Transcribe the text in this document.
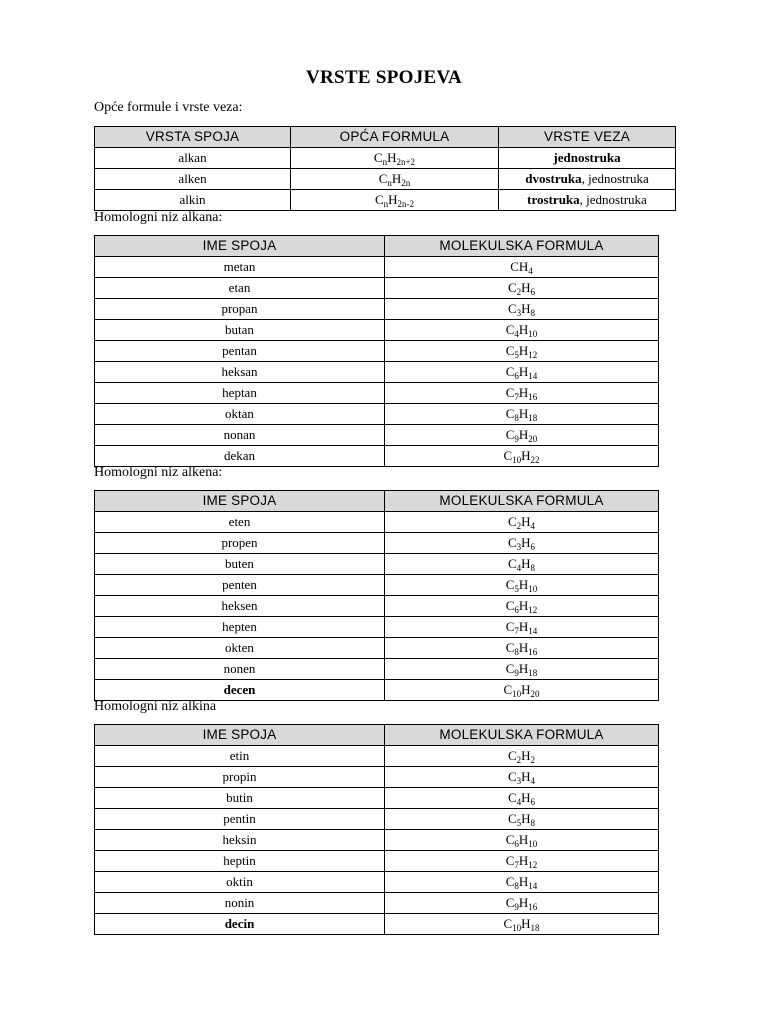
VRSTE SPOJEVA

Opće formule i vrste veza:

VRSTA SPOJA	OPĆA FORMULA	VRSTE VEZA
alkan	$C_nH_{2n+2}$	jednostruka
alken	$C_nH_{2n}$	dvostruka, jednostruka
alkin	$C_nH_{2n-2}$	trostruka, jednostruka

Homologni niz alkana:

IME SPOJA	MOLEKULSKA FORMULA
metan	$CH_4$
etan	$C_2H_6$
propan	$C_3H_8$
butan	$C_4H_{10}$
pentan	$C_5H_{12}$
heksan	$C_6H_{14}$
heptan	$C_7H_{16}$
oktan	$C_8H_{18}$
nonan	$C_9H_{20}$
dekan	$C_{10}H_{22}$

Homologni niz alkena:

IME SPOJA	MOLEKULSKA FORMULA
eten	$C_2H_4$
propen	$C_3H_6$
buten	$C_4H_8$
penten	$C_5H_{10}$
heksen	$C_6H_{12}$
hepten	$C_7H_{14}$
okten	$C_8H_{16}$
nonen	$C_9H_{18}$
decen	$C_{10}H_{20}$

Homologni niz alkina

IME SPOJA	MOLEKULSKA FORMULA
etin	$C_2H_2$
propin	$C_3H_4$
butin	$C_4H_6$
pentin	$C_5H_8$
heksin	$C_6H_{10}$
heptin	$C_7H_{12}$
oktin	$C_8H_{14}$
nonin	$C_9H_{16}$
decin	$C_{10}H_{18}$
